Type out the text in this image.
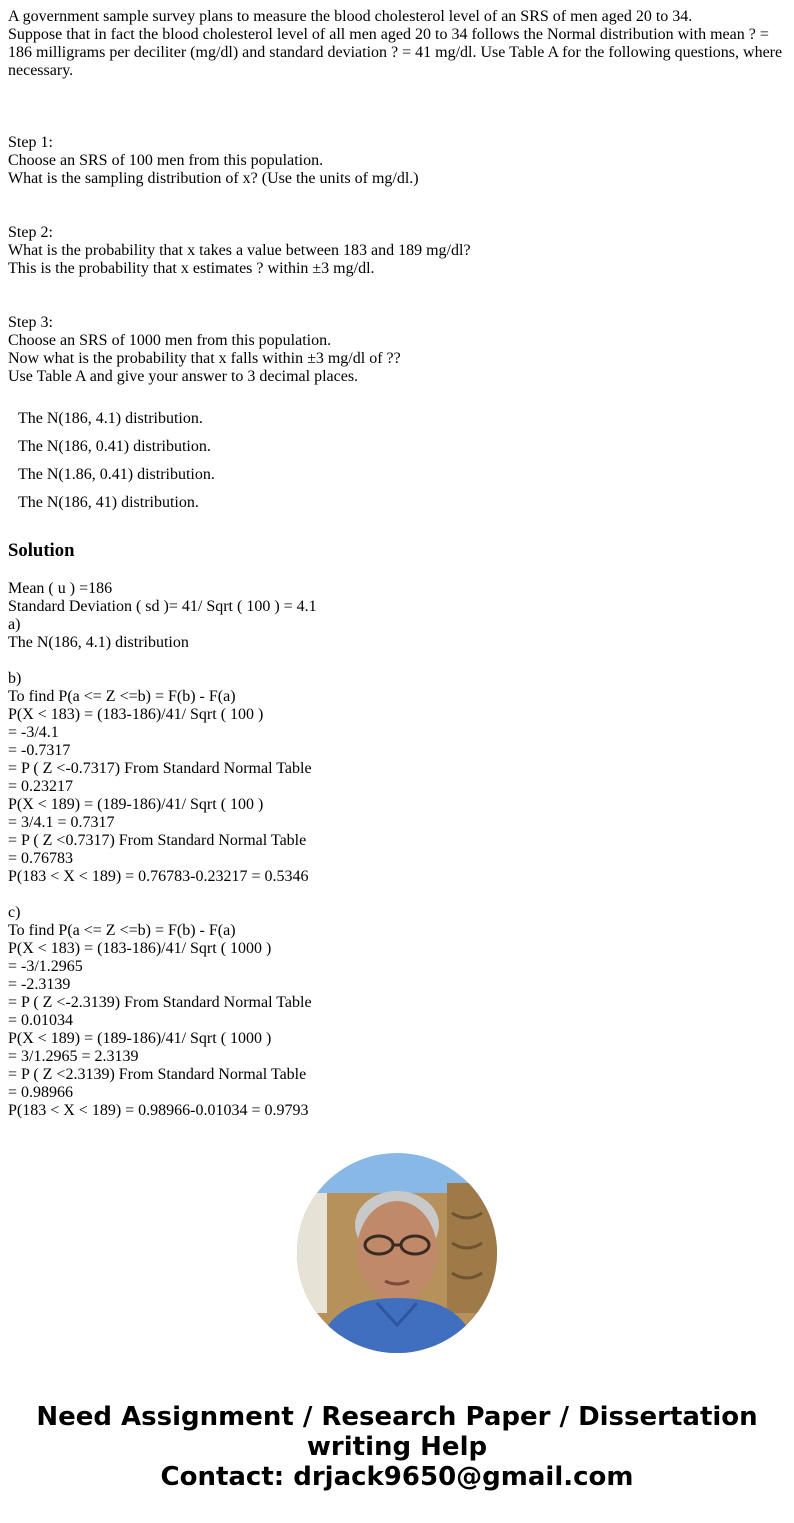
A government sample survey plans to measure the blood cholesterol level of an SRS of men aged 20 to 34.
Suppose that in fact the blood cholesterol level of all men aged 20 to 34 follows the Normal distribution with mean ? = 186 milligrams per deciliter (mg/dl) and standard deviation ? = 41 mg/dl. Use Table A for the following questions, where necessary.
Step 1:
Choose an SRS of 100 men from this population.
What is the sampling distribution of x? (Use the units of mg/dl.)
Step 2:
What is the probability that x takes a value between 183 and 189 mg/dl?
This is the probability that x estimates ? within ±3 mg/dl.
Step 3:
Choose an SRS of 1000 men from this population.
Now what is the probability that x falls within ±3 mg/dl of ??
Use Table A and give your answer to 3 decimal places.
The N(186, 4.1) distribution.
The N(186, 0.41) distribution.
The N(1.86, 0.41) distribution.
The N(186, 41) distribution.
Solution
Mean ( u ) =186
Standard Deviation ( sd )= 41/ Sqrt ( 100 ) = 4.1
a)
The N(186, 4.1) distribution
b)
To find P(a <= Z <=b) = F(b) - F(a)
P(X < 183) = (183-186)/41/ Sqrt ( 100 )
= -3/4.1
= -0.7317
= P ( Z <-0.7317) From Standard Normal Table
= 0.23217
P(X < 189) = (189-186)/41/ Sqrt ( 100 )
= 3/4.1 = 0.7317
= P ( Z <0.7317) From Standard Normal Table
= 0.76783
P(183 < X < 189) = 0.76783-0.23217 = 0.5346
c)
To find P(a <= Z <=b) = F(b) - F(a)
P(X < 183) = (183-186)/41/ Sqrt ( 1000 )
= -3/1.2965
= -2.3139
= P ( Z <-2.3139) From Standard Normal Table
= 0.01034
P(X < 189) = (189-186)/41/ Sqrt ( 1000 )
= 3/1.2965 = 2.3139
= P ( Z <2.3139) From Standard Normal Table
= 0.98966
P(183 < X < 189) = 0.98966-0.01034 = 0.9793
Need Assignment / Research Paper / Dissertation
writing Help
Contact: drjack9650@gmail.com
